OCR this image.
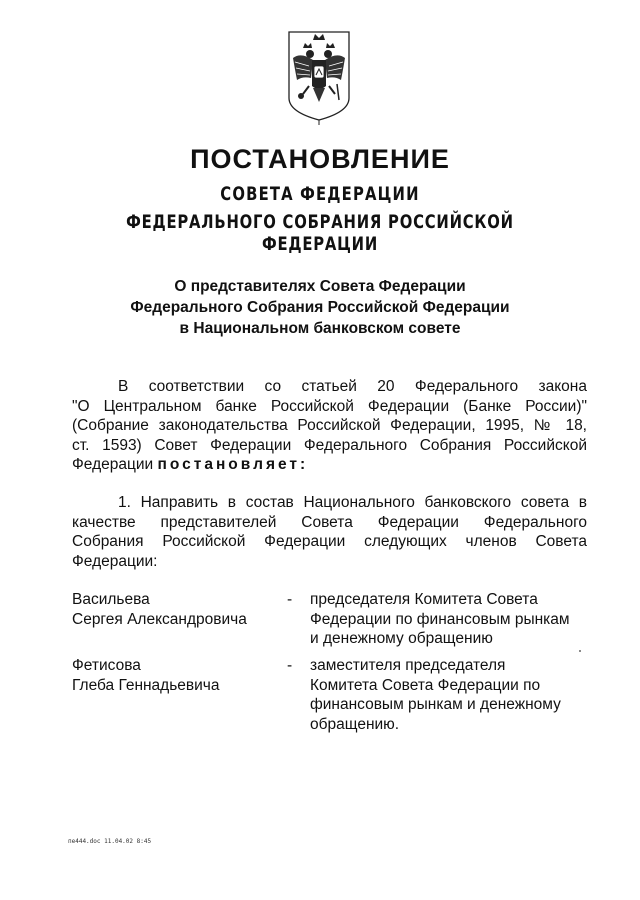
ПОСТАНОВЛЕНИЕ
СОВЕТА ФЕДЕРАЦИИ
ФЕДЕРАЛЬНОГО СОБРАНИЯ РОССИЙСКОЙ ФЕДЕРАЦИИ
О представителях Совета Федерации
Федерального Собрания Российской Федерации
в Национальном банковском совете
В соответствии со статьей 20 Федерального закона
"О Центральном банке Российской Федерации (Банке России)"
(Собрание законодательства Российской Федерации, 1995, № 18,
ст. 1593) Совет Федерации Федерального Собрания Российской
Федерации постановляет:
1. Направить в состав Национального банковского совета в
качестве представителей Совета Федерации Федерального
Собрания Российской Федерации следующих членов Совета
Федерации:
Васильева
Сергея Александровича
- председателя Комитета Совета
Федерации по финансовым рынкам
и денежному обращению
Фетисова
Глеба Геннадьевича
- заместителя председателя
Комитета Совета Федерации по
финансовым рынкам и денежному
обращению.
пе444.doc 11.04.02 8:45
